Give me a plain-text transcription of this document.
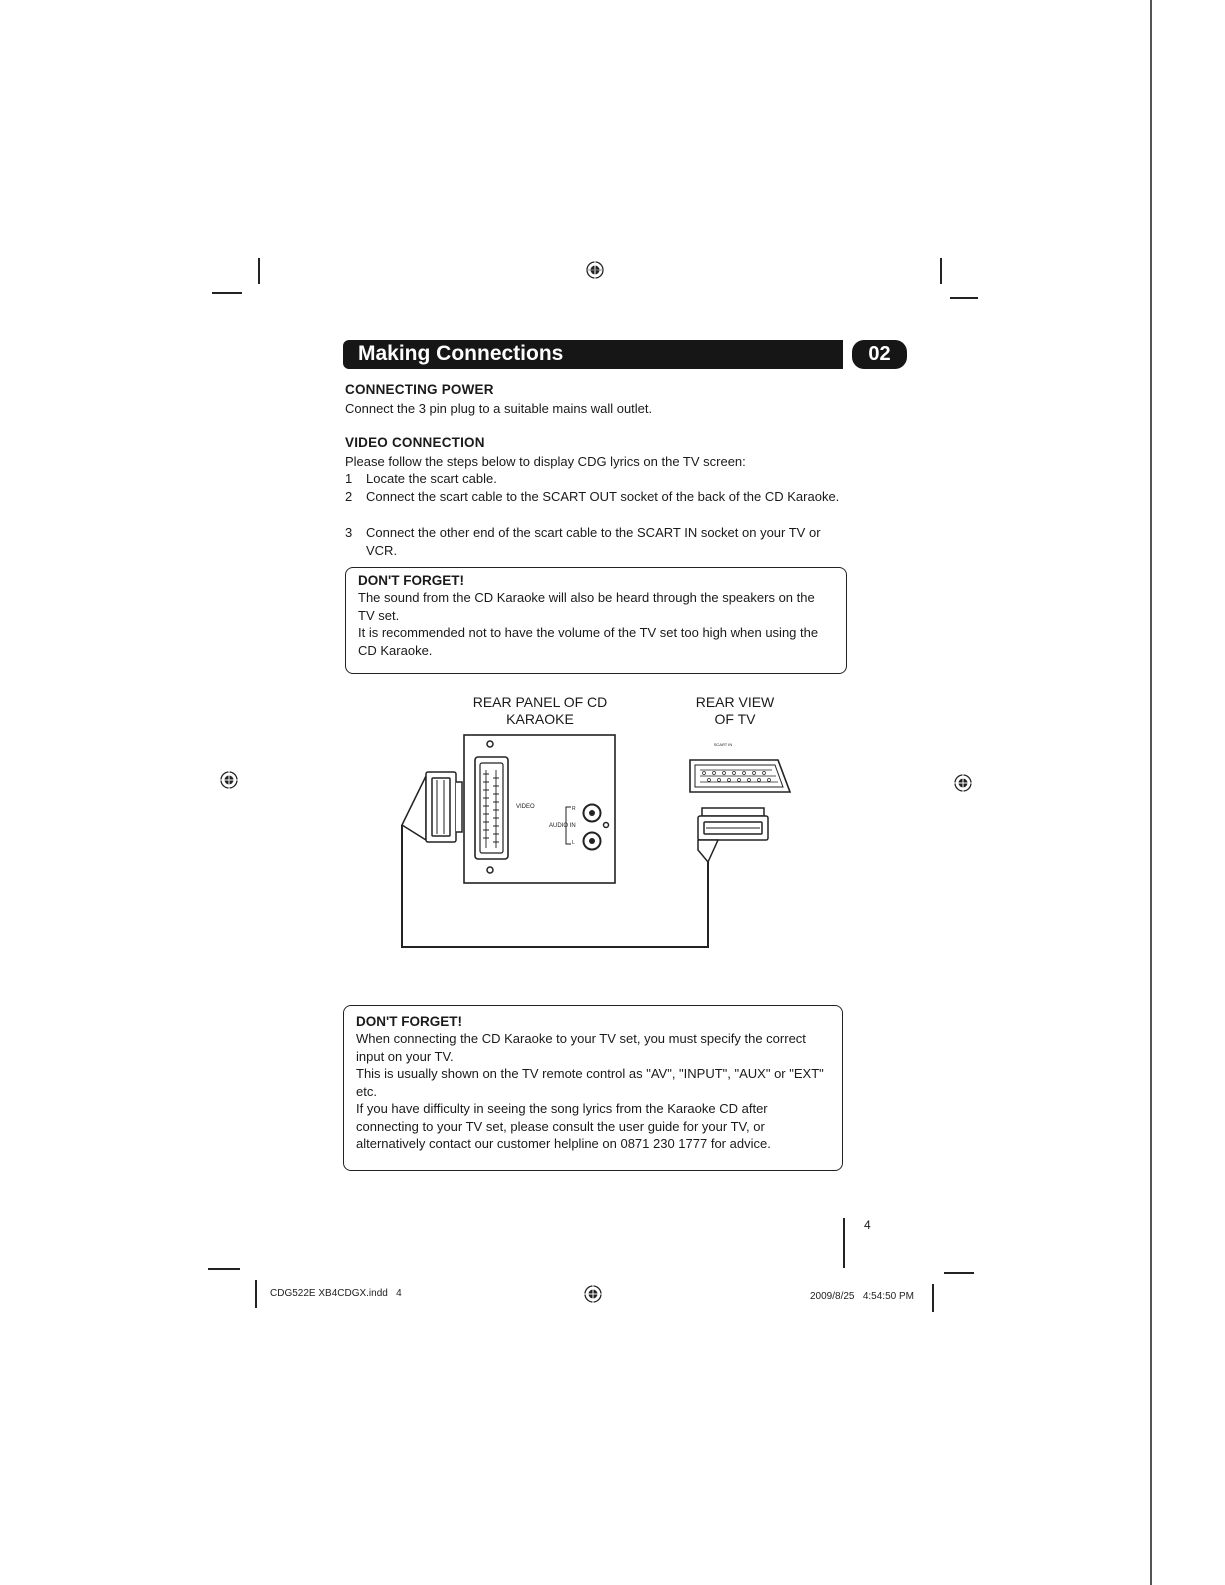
Making Connections	02
CONNECTING POWER
Connect the 3 pin plug to a suitable mains wall outlet.
VIDEO CONNECTION
Please follow the steps below to display CDG lyrics on the TV screen:
1 Locate the scart cable.
2 Connect the scart cable to the SCART OUT socket of the back of the CD Karaoke.
3 Connect the other end of the scart cable to the SCART IN socket on your TV or VCR.
DON'T FORGET!

The sound from the CD Karaoke will also be heard through the speakers on the TV set.

It is recommended not to have the volume of the TV set too high when using the CD Karaoke.

REAR PANEL OF CD KARAOKE
REAR VIEW OF TV
VIDEO
AUDIO IN
R
L
SCART IN
DON'T FORGET!

When connecting the CD Karaoke to your TV set, you must specify the correct input on your TV.

This is usually shown on the TV remote control as "AV", "INPUT", "AUX" or "EXT" etc.

If you have difficulty in seeing the song lyrics from the Karaoke CD after connecting to your TV set, please consult the user guide for your TV, or alternatively contact our customer helpline on 0871 230 1777 for advice.

4
CDG522E XB4CDGX.indd   4	2009/8/25   4:54:50 PM
